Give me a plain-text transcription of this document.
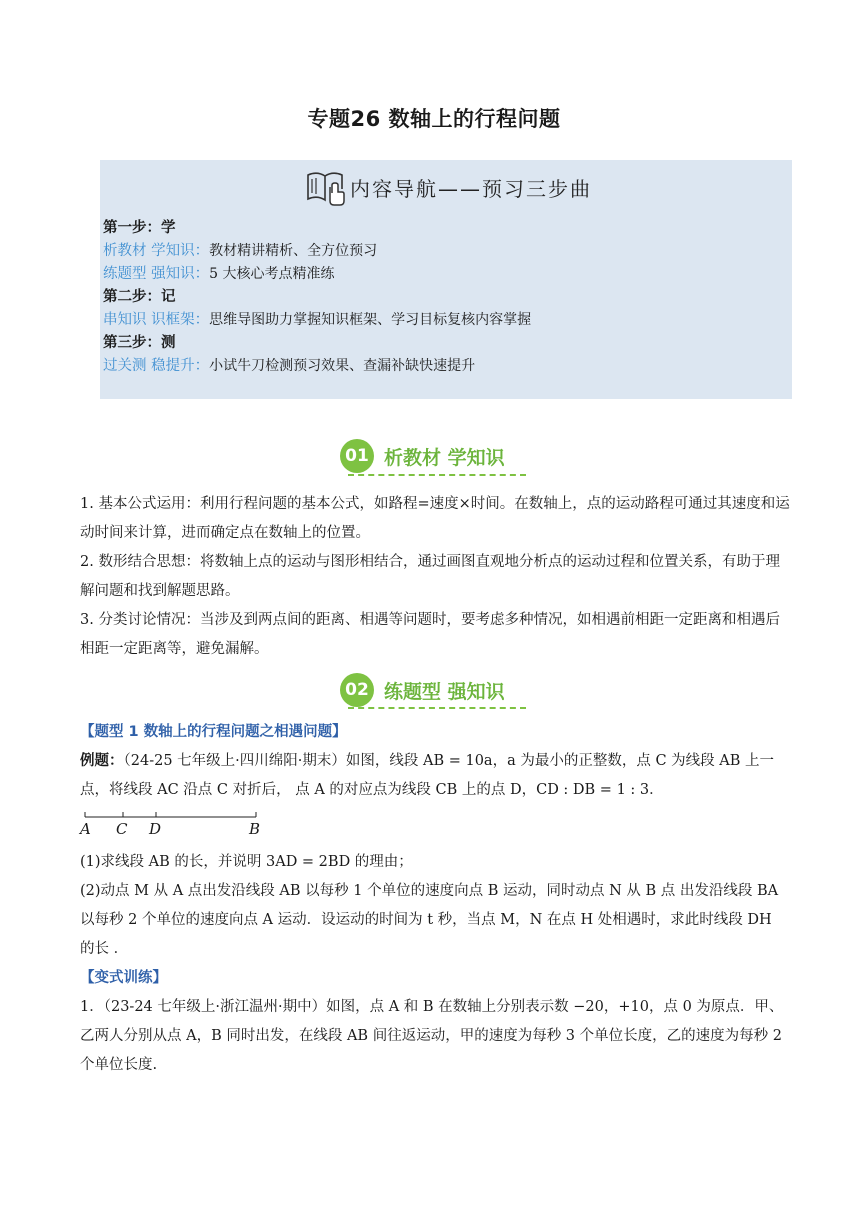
专题26 数轴上的行程问题
内容导航——预习三步曲
第一步：学
析教材 学知识：教材精讲精析、全方位预习
练题型 强知识：5 大核心考点精准练
第二步：记
串知识 识框架：思维导图助力掌握知识框架、学习目标复核内容掌握
第三步：测
过关测 稳提升：小试牛刀检测预习效果、查漏补缺快速提升
01 析教材 学知识

1. 基本公式运用：利用行程问题的基本公式，如路程=速度×时间。在数轴上，点的运动路程可通过其速度和运动时间来计算，进而确定点在数轴上的位置。

2. 数形结合思想：将数轴上点的运动与图形相结合，通过画图直观地分析点的运动过程和位置关系，有助于理解问题和找到解题思路。

3. 分类讨论情况：当涉及到两点间的距离、相遇等问题时，要考虑多种情况，如相遇前相距一定距离和相遇后相距一定距离等，避免漏解。

02 练题型 强知识

【题型 1 数轴上的行程问题之相遇问题】

例题：（24-25 七年级上·四川绵阳·期末）如图，线段 AB = 10a，a 为最小的正整数，点 C 为线段 AB 上一

点，将线段 AC 沿点 C 对折后， 点 A 的对应点为线段 CB 上的点 D，CD : DB = 1 : 3．

A C D	B

(1)求线段 AB 的长，并说明 3AD = 2BD 的理由；

(2)动点 M 从 A 点出发沿线段 AB 以每秒 1 个单位的速度向点 B 运动，同时动点 N 从 B 点 出发沿线段 BA

以每秒 2 个单位的速度向点 A 运动．设运动的时间为 t 秒，当点 M，N 在点 H 处相遇时，求此时线段 DH

的长 ．

【变式训练】

1．（23-24 七年级上·浙江温州·期中）如图，点 A 和 B 在数轴上分别表示数 −20，+10，点 0 为原点．甲、

乙两人分别从点 A，B 同时出发，在线段 AB 间往返运动，甲的速度为每秒 3 个单位长度，乙的速度为每秒 2

个单位长度.
